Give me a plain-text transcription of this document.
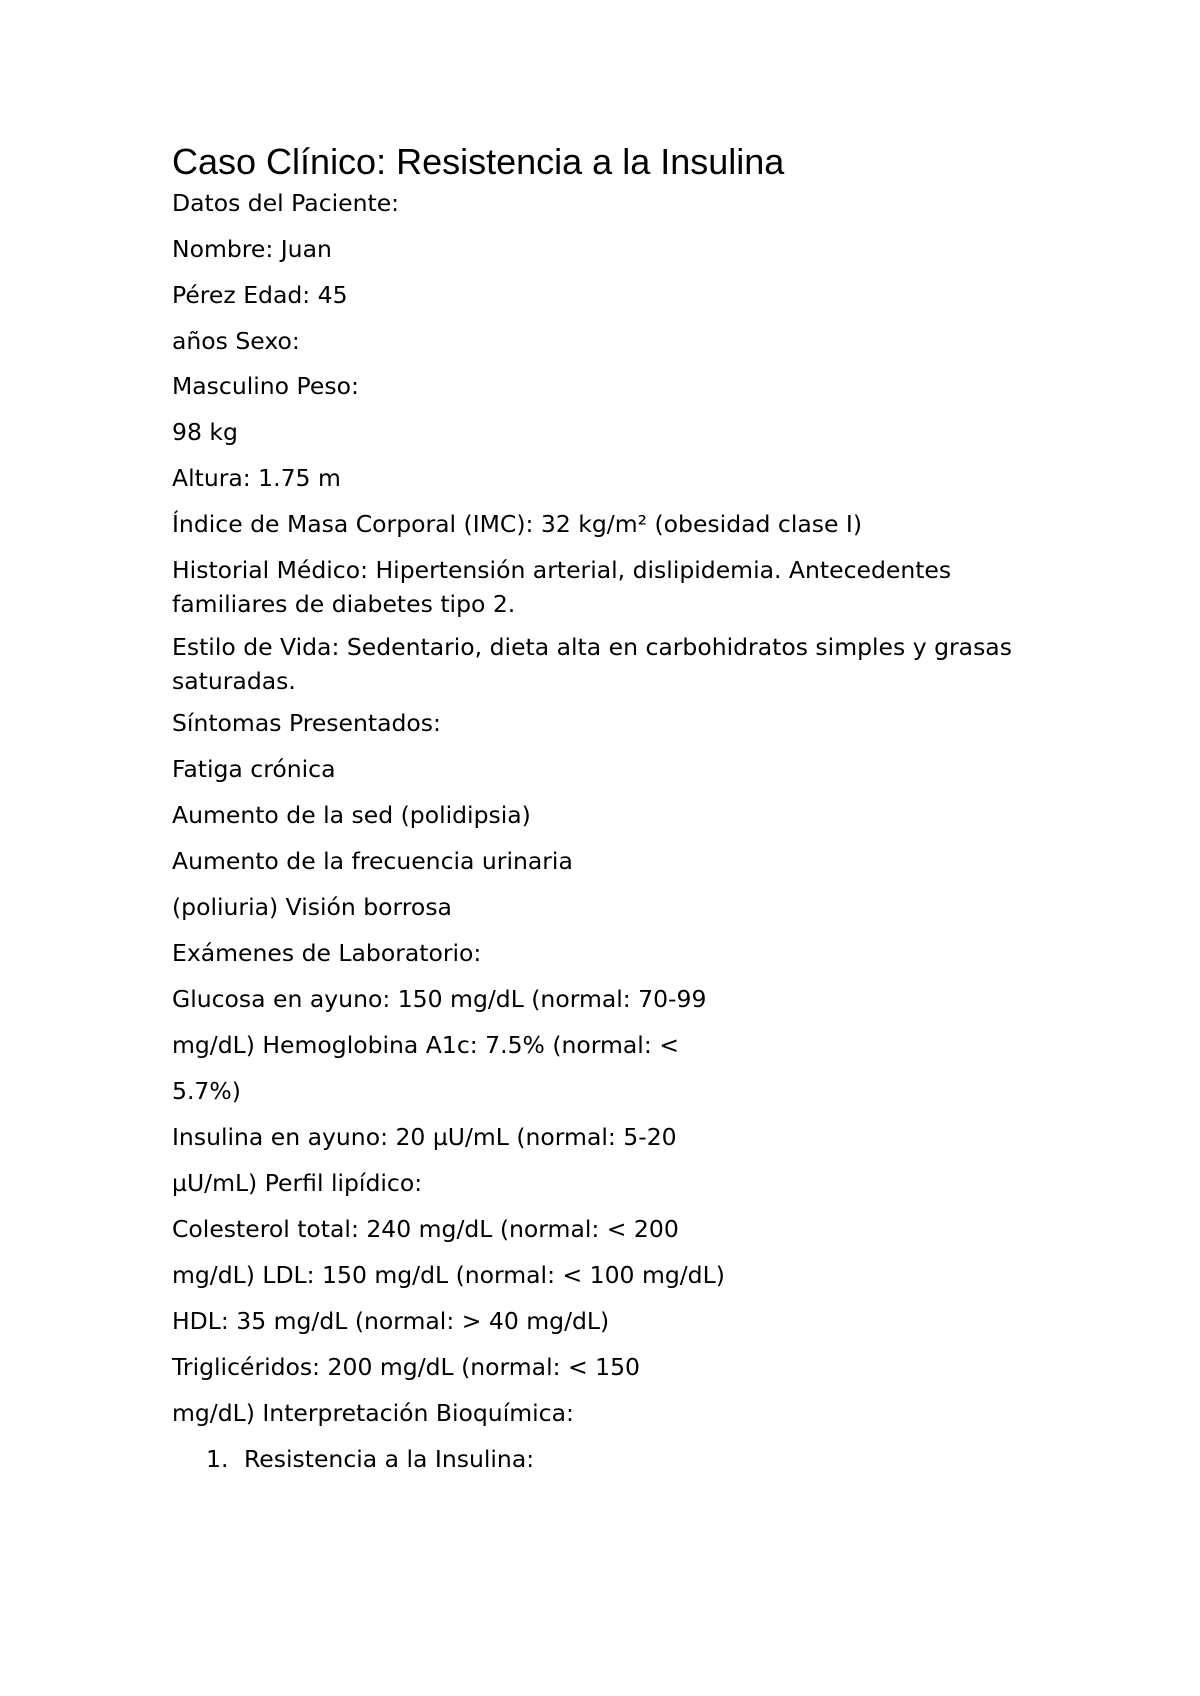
Caso Clínico: Resistencia a la Insulina

Datos del Paciente:

Nombre: Juan

Pérez Edad: 45

años Sexo:

Masculino Peso:

98 kg

Altura: 1.75 m

Índice de Masa Corporal (IMC): 32 kg/m² (obesidad clase I)

Historial Médico: Hipertensión arterial, dislipidemia. Antecedentes familiares de diabetes tipo 2.

Estilo de Vida: Sedentario, dieta alta en carbohidratos simples y grasas saturadas.

Síntomas Presentados:

Fatiga crónica

Aumento de la sed (polidipsia)

Aumento de la frecuencia urinaria

(poliuria) Visión borrosa

Exámenes de Laboratorio:

Glucosa en ayuno: 150 mg/dL (normal: 70-99

mg/dL) Hemoglobina A1c: 7.5% (normal: <

5.7%)

Insulina en ayuno: 20 µU/mL (normal: 5-20

µU/mL) Perfil lipídico:

Colesterol total: 240 mg/dL (normal: < 200

mg/dL) LDL: 150 mg/dL (normal: < 100 mg/dL)

HDL: 35 mg/dL (normal: > 40 mg/dL)

Triglicéridos: 200 mg/dL (normal: < 150

mg/dL) Interpretación Bioquímica:

1. Resistencia a la Insulina:
